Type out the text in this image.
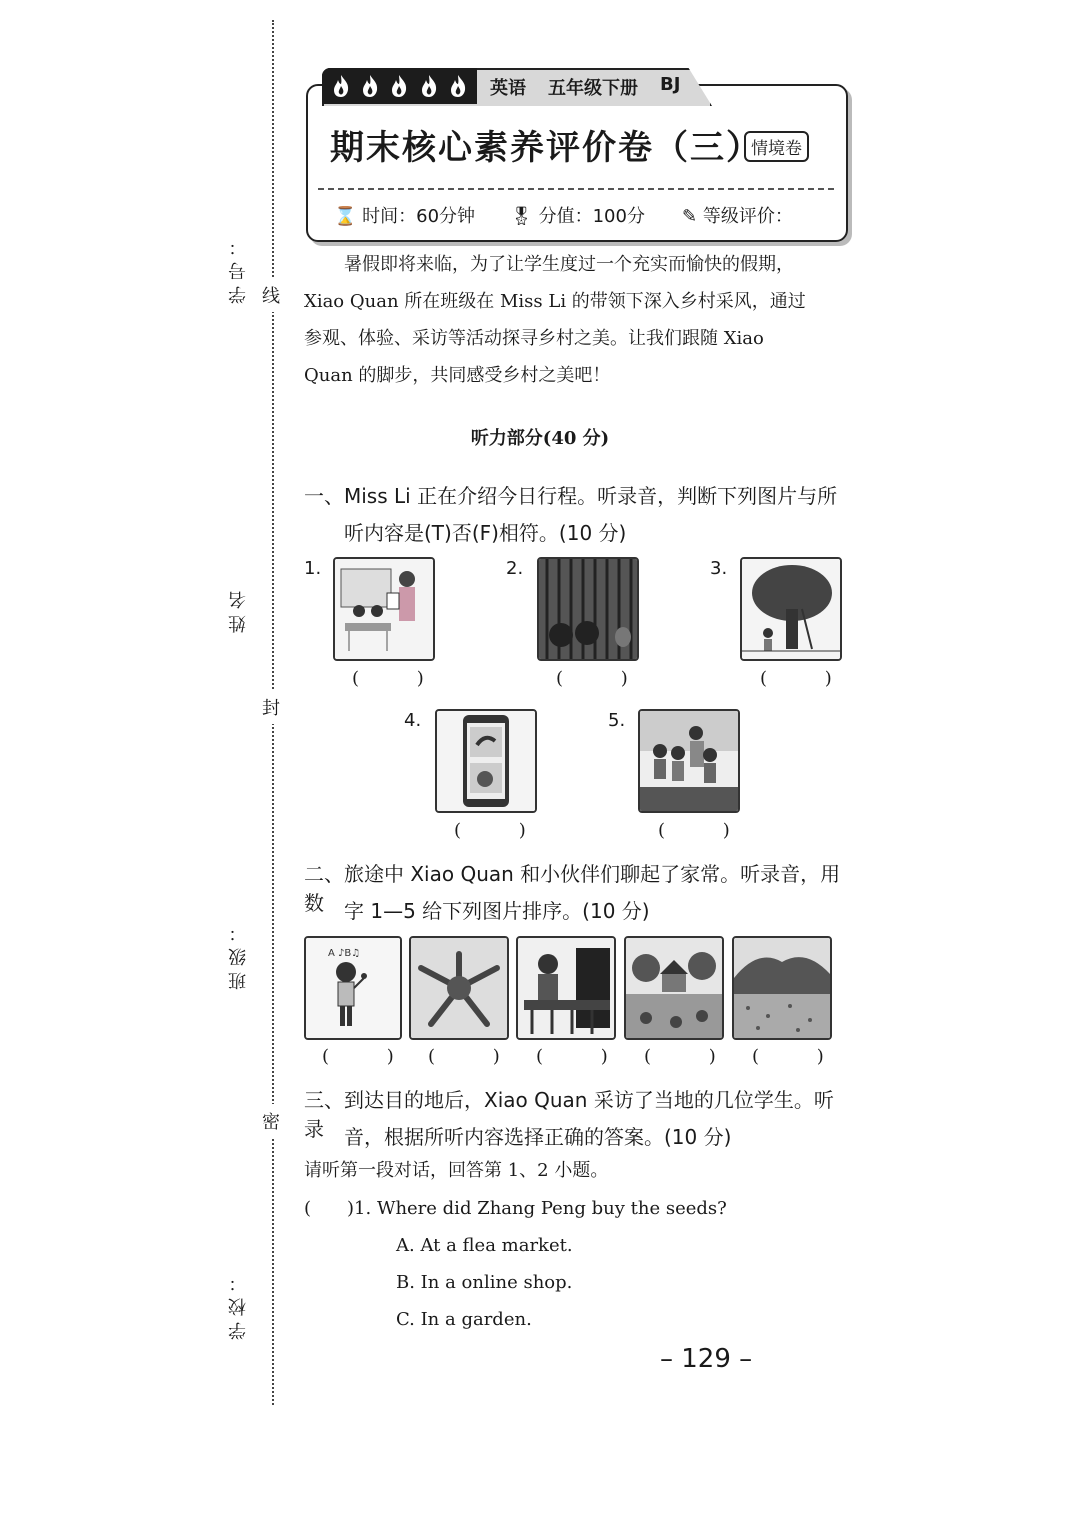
学号：
姓名
班级：
学校：
线
封
密
英语 五年级下册 BJ
期末核心素养评价卷（三）
情境卷
⌛ 时间：60分钟 🎖 分值：100分 ✎ 等级评价：
暑假即将来临，为了让学生度过一个充实而愉快的假期，
Xiao Quan 所在班级在 Miss Li 的带领下深入乡村采风，通过
参观、体验、采访等活动探寻乡村之美。让我们跟随 Xiao
Quan 的脚步，共同感受乡村之美吧！
听力部分(40 分)
一、Miss Li 正在介绍今日行程。听录音，判断下列图片与所
听内容是(T)否(F)相符。(10 分)
1.
( )
2.
( )
3.
( )
4.
( )
5.
( )
二、旅途中 Xiao Quan 和小伙伴们聊起了家常。听录音，用数	字 1—5 给下列图片排序。(10 分)
A ♪B♫
( ) ( ) ( ) ( ) ( )
三、到达目的地后，Xiao Quan 采访了当地的几位学生。听录	音，根据所听内容选择正确的答案。(10 分)
请听第一段对话，回答第 1、2 小题。
(　　)1. Where did Zhang Peng buy the seeds?
A. At a flea market.
B. In a online shop.
C. In a garden.
– 129 –
